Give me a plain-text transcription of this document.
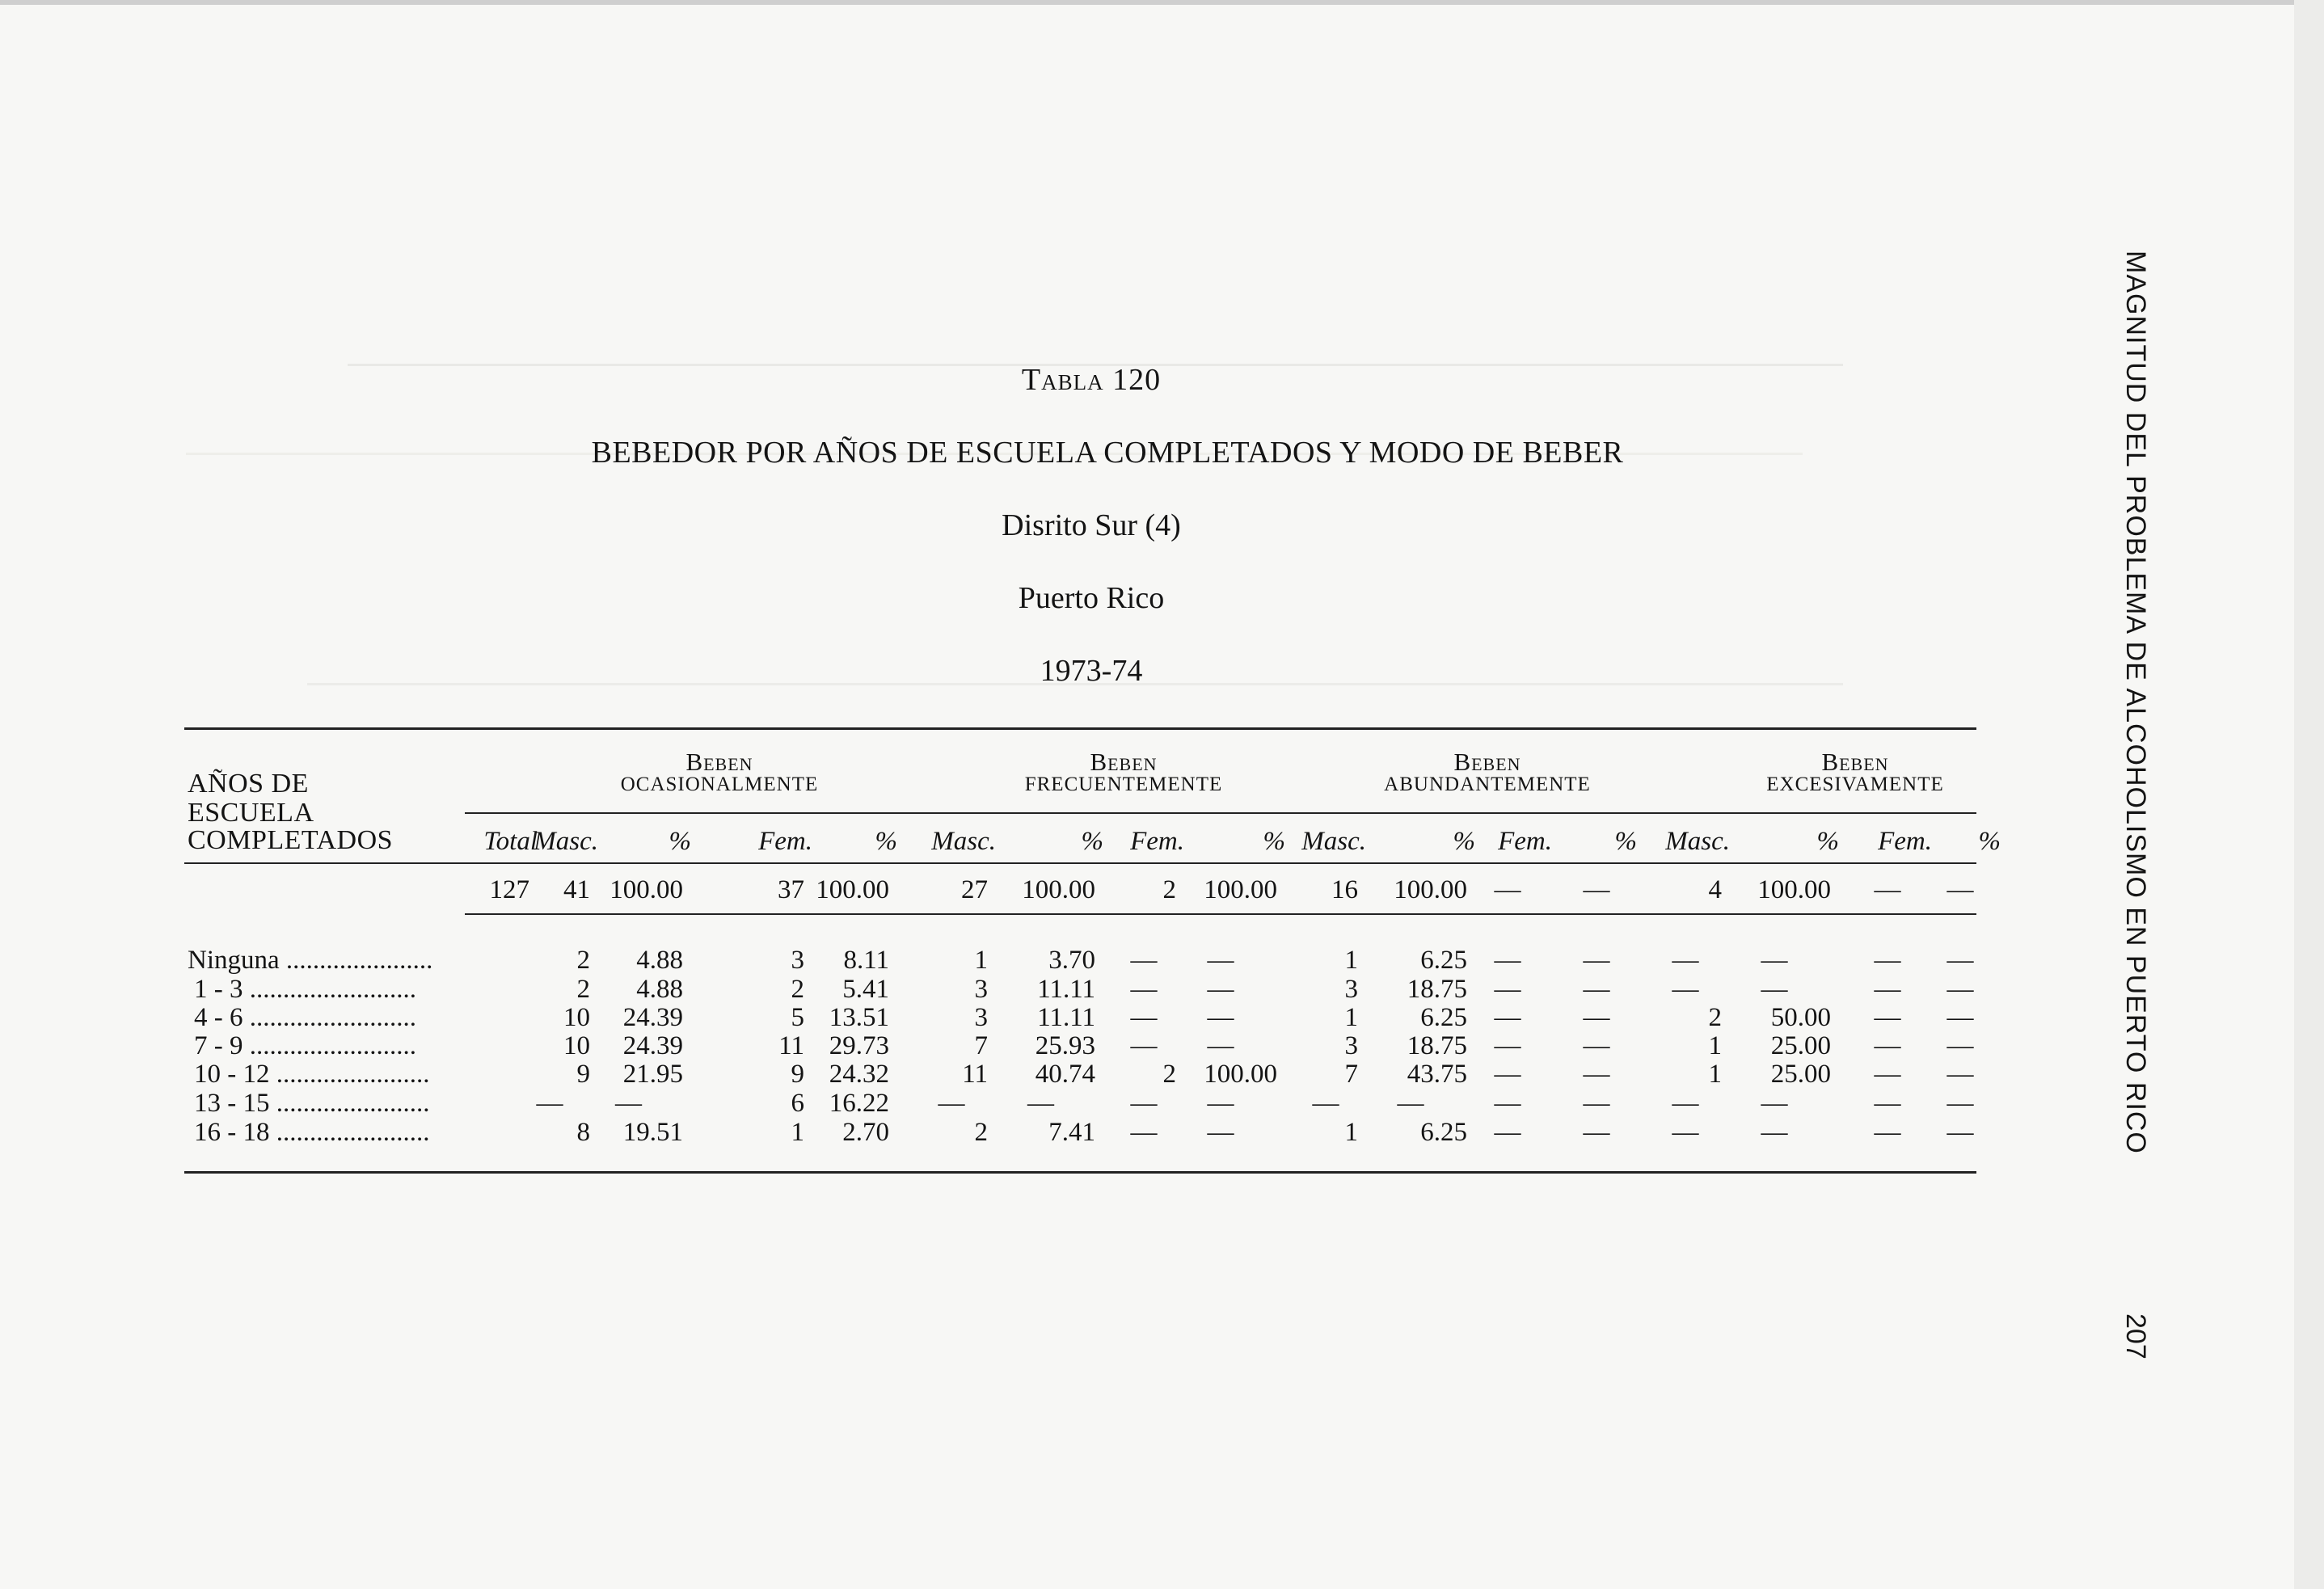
Tabla 120
BEBEDOR POR AÑOS DE ESCUELA COMPLETADOS Y MODO DE BEBER
Disrito Sur (4)
Puerto Rico
1973-74
AÑOS DE
ESCUELA
COMPLETADOS
Beben
OCASIONALMENTE
Beben
FRECUENTEMENTE
Beben
ABUNDANTEMENTE
Beben
EXCESIVAMENTE
Total
Masc.	%	Fem.	%	Masc.	%	Fem.	% Masc.	% Fem.	%	Masc.	%	Fem.	%
127	41 100.00	37 100.00	27	100.00	2	100.00	16	100.00	—	—	4	100.00	—	—
Ninguna ......................	2	4.88	3	8.11	1	3.70	—	—	1	6.25	—	—	—	—	—	—
1 - 3 .........................	2	4.88	2	5.41	3	11.11	—	—	3	18.75	—	—	—	—	—	—
4 - 6 .........................	10	24.39	5 13.51	3	11.11	—	—	1	6.25	—	—	2	50.00	—	—
7 - 9 .........................	10	24.39	11 29.73	7	25.93	—	—	3	18.75	—	—	1	25.00	—	—
10 - 12 .......................	9	21.95	9 24.32	11	40.74	2	100.00	7	43.75	—	—	1	25.00	—	—
13 - 15 .......................	—	—	6 16.22	—	—	—	—	—	—	—	—	—	—	—	—
16 - 18 .......................	8	19.51	1	2.70	2	7.41	—	—	1	6.25	—	—	—	—	—	—	MAGNITUD DEL PROBLEMA DE ALCOHOLISMO EN PUERTO RICO
207
